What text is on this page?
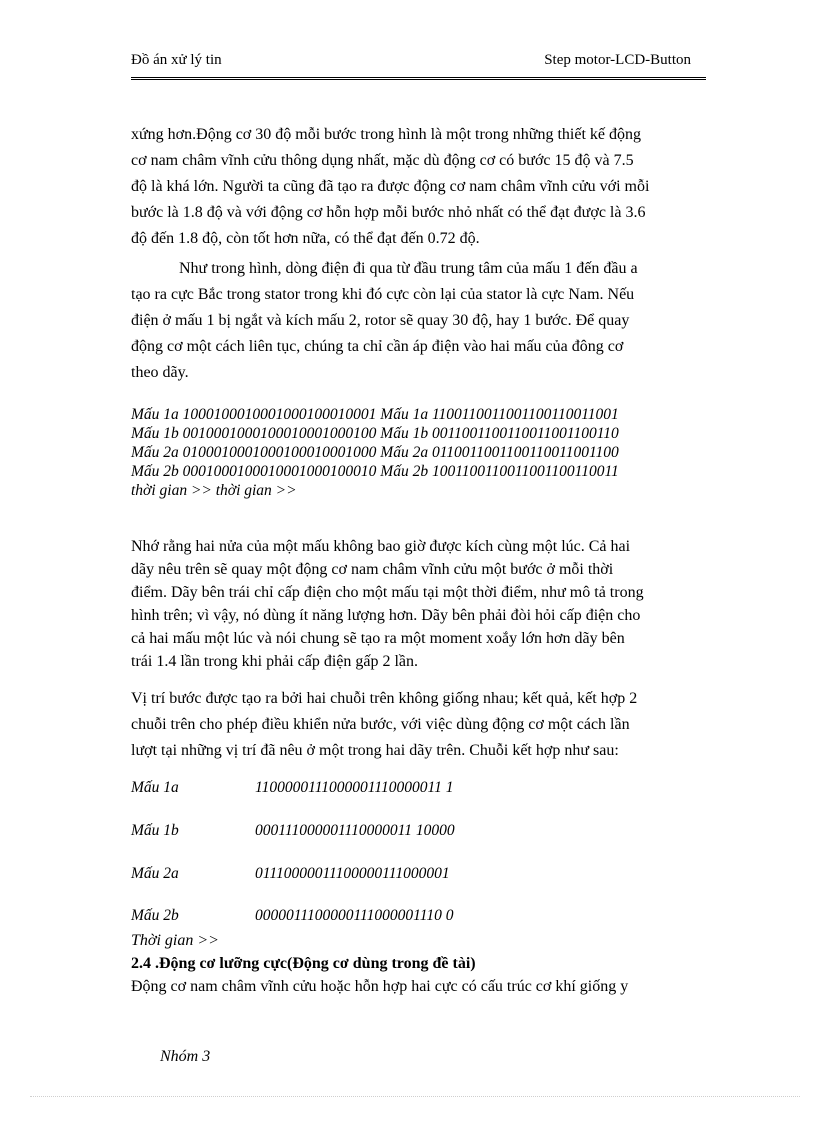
Đồ án xử lý tin	Step motor-LCD-Button

xứng hơn.Động cơ 30 độ mỗi bước trong hình là một trong những thiết kế động
cơ nam châm vĩnh cửu thông dụng nhất, mặc dù động cơ có bước 15 độ và 7.5
độ là khá lớn. Người ta cũng đã tạo ra được động cơ nam châm vĩnh cửu với mỗi
bước là 1.8 độ và với động cơ hỗn hợp mỗi bước nhỏ nhất có thể đạt được là 3.6
độ đến 1.8 độ, còn tốt hơn nữa, có thể đạt đến 0.72 độ.

Như trong hình, dòng điện đi qua từ đầu trung tâm của mấu 1 đến đầu a
tạo ra cực Bắc trong stator trong khi đó cực còn lại của stator là cực Nam. Nếu
điện ở mấu 1 bị ngắt và kích mấu 2, rotor sẽ quay 30 độ, hay 1 bước. Để quay
động cơ một cách liên tục, chúng ta chỉ cần áp điện vào hai mấu của đông cơ
theo dãy.

Mấu 1a 1000100010001000100010001 Mấu 1a 1100110011001100110011001
Mấu 1b 0010001000100010001000100 Mấu 1b 0011001100110011001100110
Mấu 2a 0100010001000100010001000 Mấu 2a 0110011001100110011001100
Mấu 2b 0001000100010001000100010 Mấu 2b 1001100110011001100110011
thời gian >> thời gian >>

Nhớ rằng hai nửa của một mấu không bao giờ được kích cùng một lúc. Cả hai
dãy nêu trên sẽ quay một động cơ nam châm vĩnh cửu một bước ở mỗi thời
điểm. Dãy bên trái chỉ cấp điện cho một mấu tại một thời điểm, như mô tả trong
hình trên; vì vậy, nó dùng ít năng lượng hơn. Dãy bên phải đòi hỏi cấp điện cho
cả hai mấu một lúc và nói chung sẽ tạo ra một moment xoắy lớn hơn dãy bên
trái 1.4 lần trong khi phải cấp điện gấp 2 lần.

Vị trí bước được tạo ra bởi hai chuỗi trên không giống nhau; kết quả, kết hợp 2
chuỗi trên cho phép điều khiển nửa bước, với việc dùng động cơ một cách lần
lượt tại những vị trí đã nêu ở một trong hai dãy trên. Chuỗi kết hợp như sau:

Mấu 1a	1100000111000001110000011 1
Mấu 1b	000111000001110000011 10000
Mấu 2a	01110000011100000111000001
Mấu 2b	0000011100000111000001110 0
Thời gian >>
2.4 .Động cơ lưỡng cực(Động cơ dùng trong đề tài)
Động cơ nam châm vĩnh cửu hoặc hỗn hợp hai cực có cấu trúc cơ khí giống y
Nhóm 3
